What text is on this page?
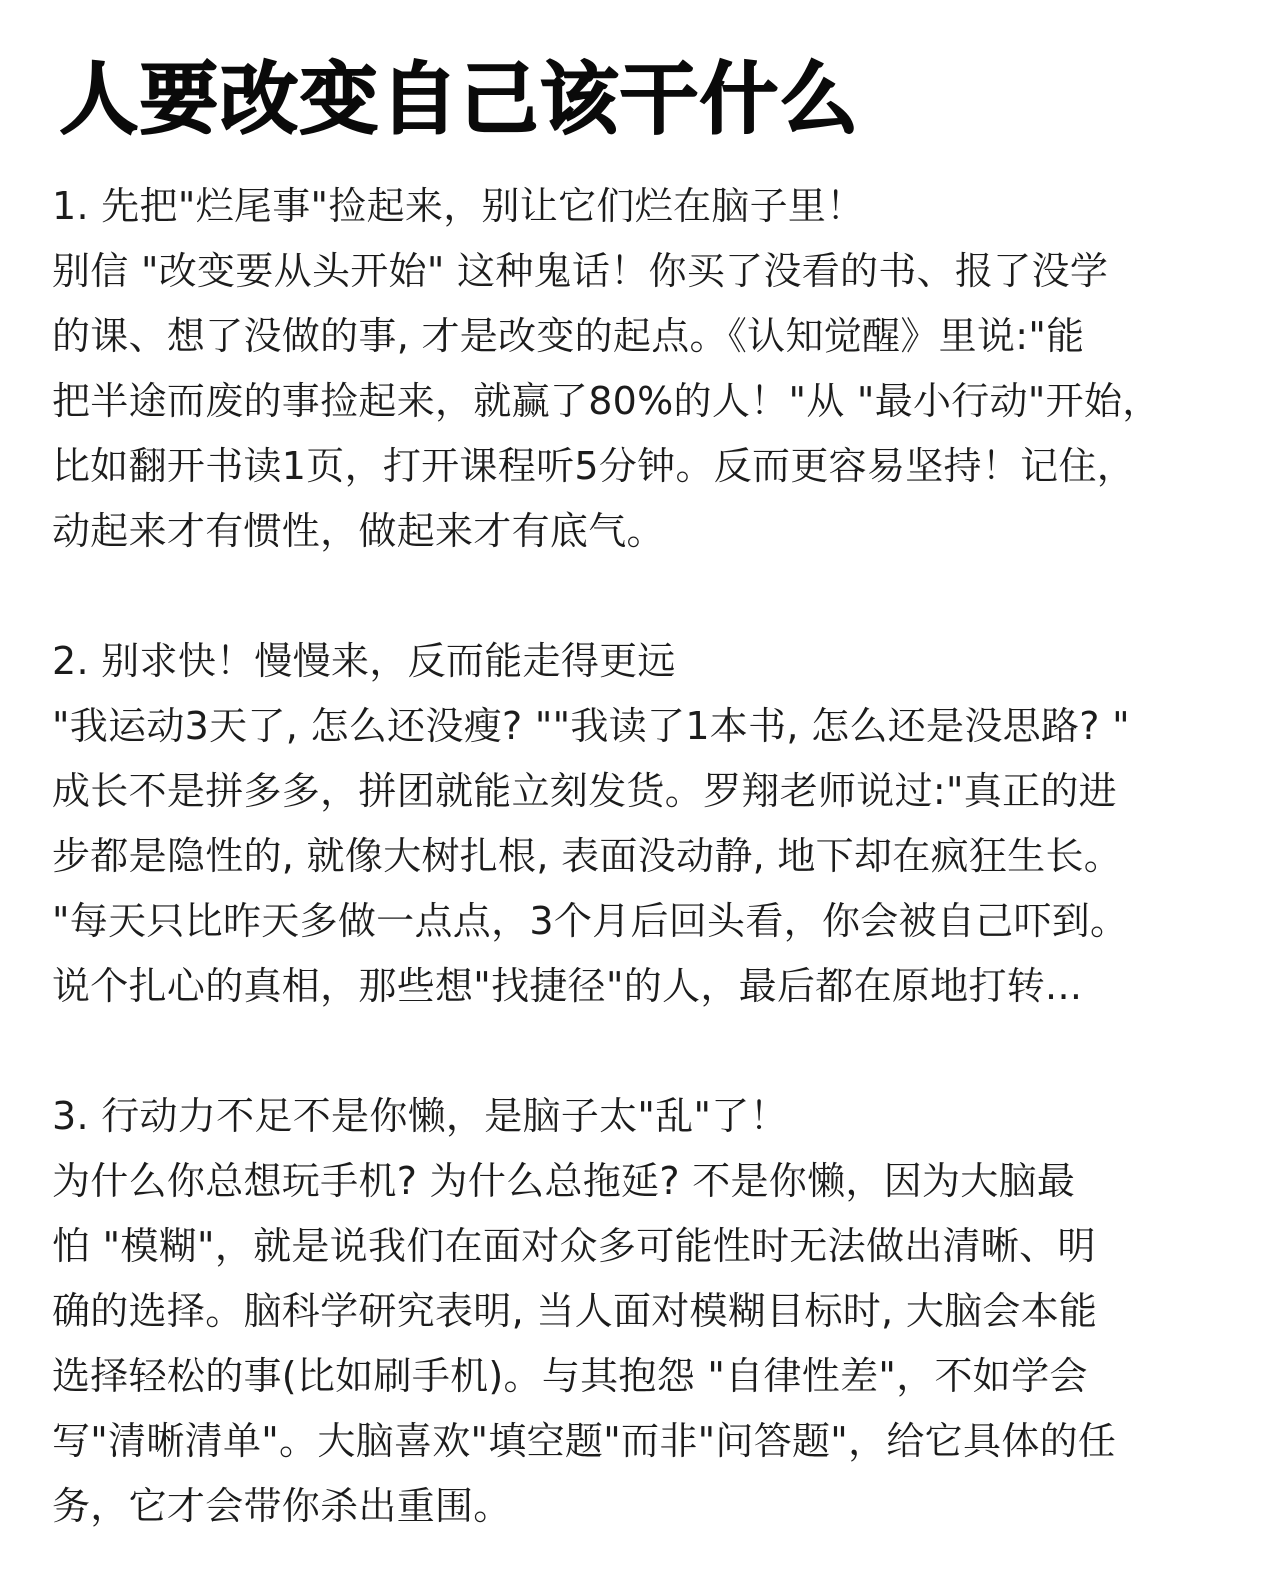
人要改变自己该干什么

1. 先把"烂尾事"捡起来，别让它们烂在脑子里！

别信 "改变要从头开始" 这种鬼话！你买了没看的书、报了没学

的课、想了没做的事, 才是改变的起点。《认知觉醒》里说:"能

把半途而废的事捡起来，就赢了80%的人！"从 "最小行动"开始，

比如翻开书读1页，打开课程听5分钟。反而更容易坚持！记住，

动起来才有惯性，做起来才有底气。

2. 别求快！慢慢来，反而能走得更远

"我运动3天了, 怎么还没瘦? ""我读了1本书, 怎么还是没思路? "

成长不是拼多多，拼团就能立刻发货。罗翔老师说过:"真正的进

步都是隐性的, 就像大树扎根, 表面没动静, 地下却在疯狂生长。

"每天只比昨天多做一点点，3个月后回头看，你会被自己吓到。

说个扎心的真相，那些想"找捷径"的人，最后都在原地打转...

3. 行动力不足不是你懒，是脑子太"乱"了！

为什么你总想玩手机? 为什么总拖延? 不是你懒，因为大脑最

怕 "模糊"，就是说我们在面对众多可能性时无法做出清晰、明

确的选择。脑科学研究表明, 当人面对模糊目标时, 大脑会本能

选择轻松的事(比如刷手机)。与其抱怨 "自律性差"，不如学会

写"清晰清单"。大脑喜欢"填空题"而非"问答题"，给它具体的任

务，它才会带你杀出重围。
